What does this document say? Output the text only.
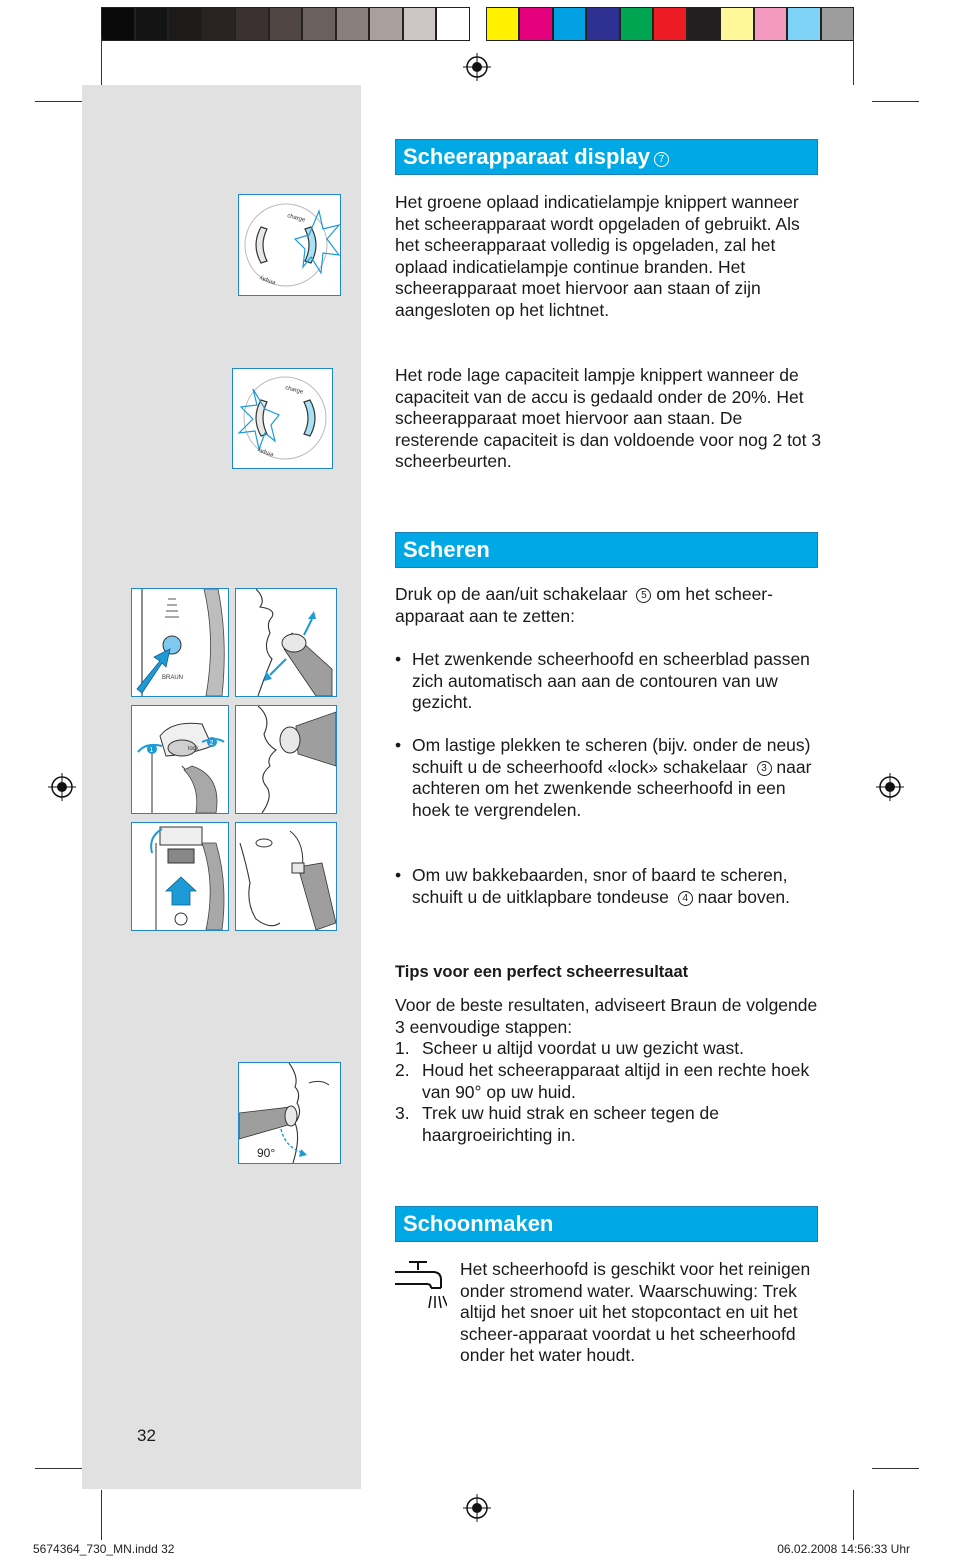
charge
empty
charge
empty
BRAUN
lock
1
2
90°
Scheerapparaat display 7

Het groene oplaad indicatielampje knippert wanneer het scheerapparaat wordt opgeladen of gebruikt. Als het scheerapparaat volledig is opgeladen, zal het oplaad indicatielampje continue branden. Het scheerapparaat moet hiervoor aan staan of zijn aangesloten op het lichtnet.

Het rode lage capaciteit lampje knippert wanneer de capaciteit van de accu is gedaald onder de 20%. Het scheerapparaat moet hiervoor aan staan. De resterende capaciteit is dan voldoende voor nog 2 tot 3 scheerbeurten.

Scheren

Druk op de aan/uit schakelaar 5 om het scheer-apparaat aan te zetten:

• Het zwenkende scheerhoofd en scheerblad passen zich automatisch aan aan de contouren van uw gezicht.
• Om lastige plekken te scheren (bijv. onder de neus) schuift u de scheerhoofd «lock» schakelaar 3 naar achteren om het zwenkende scheerhoofd in een hoek te vergrendelen.
• Om uw bakkebaarden, snor of baard te scheren, schuift u de uitklapbare tondeuse 4 naar boven.
Tips voor een perfect scheerresultaat

Voor de beste resultaten, adviseert Braun de volgende 3 eenvoudige stappen:

1. Scheer u altijd voordat u uw gezicht wast.
2. Houd het scheerapparaat altijd in een rechte hoek van 90° op uw huid.
3. Trek uw huid strak en scheer tegen de haargroeirichting in.
Schoonmaken

Het scheerhoofd is geschikt voor het reinigen onder stromend water. Waarschuwing: Trek altijd het snoer uit het stopcontact en uit het scheer-apparaat voordat u het scheerhoofd onder het water houdt.

32
5674364_730_MN.indd 32	06.02.2008 14:56:33 Uhr
